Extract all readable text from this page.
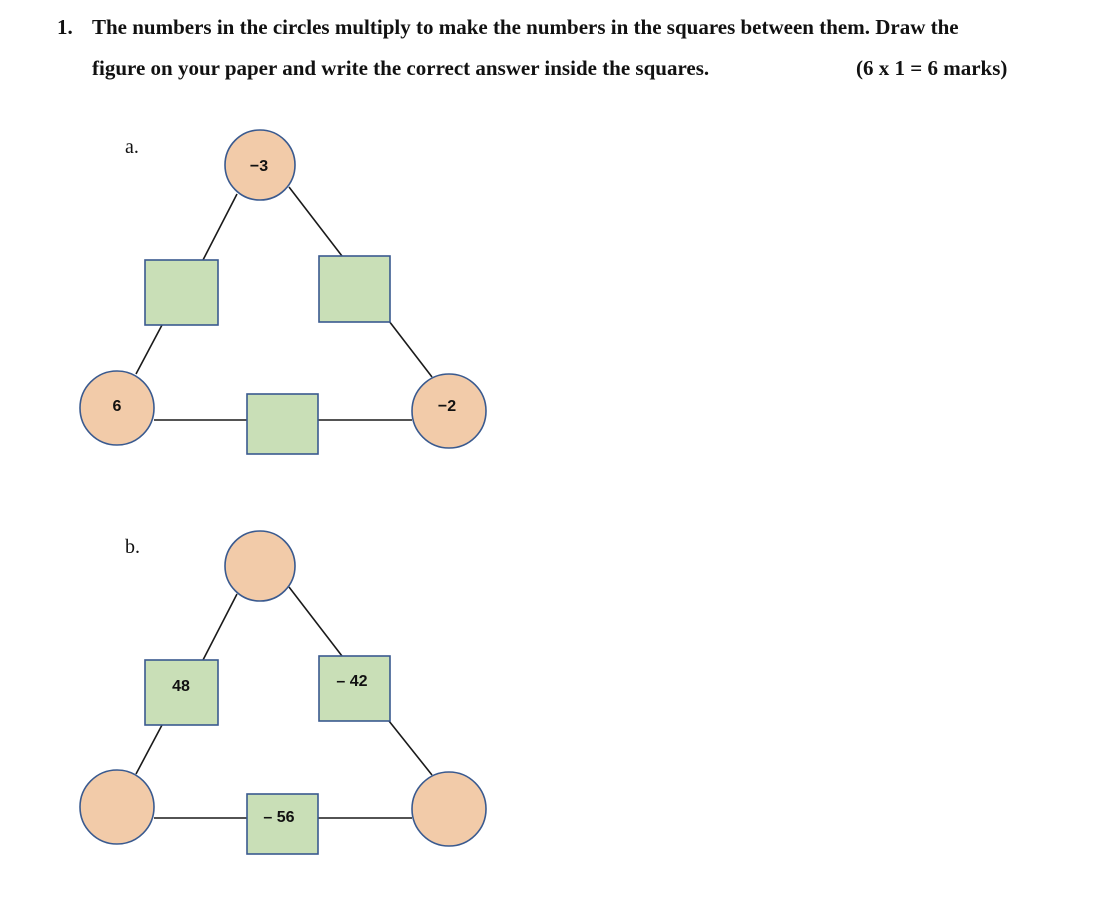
1. The numbers in the circles multiply to make the numbers in the squares between them. Draw the
figure on your paper and write the correct answer inside the squares.	(6 x 1 = 6 marks)
a.
b.
−3
6	−2
48	– 42
– 56
